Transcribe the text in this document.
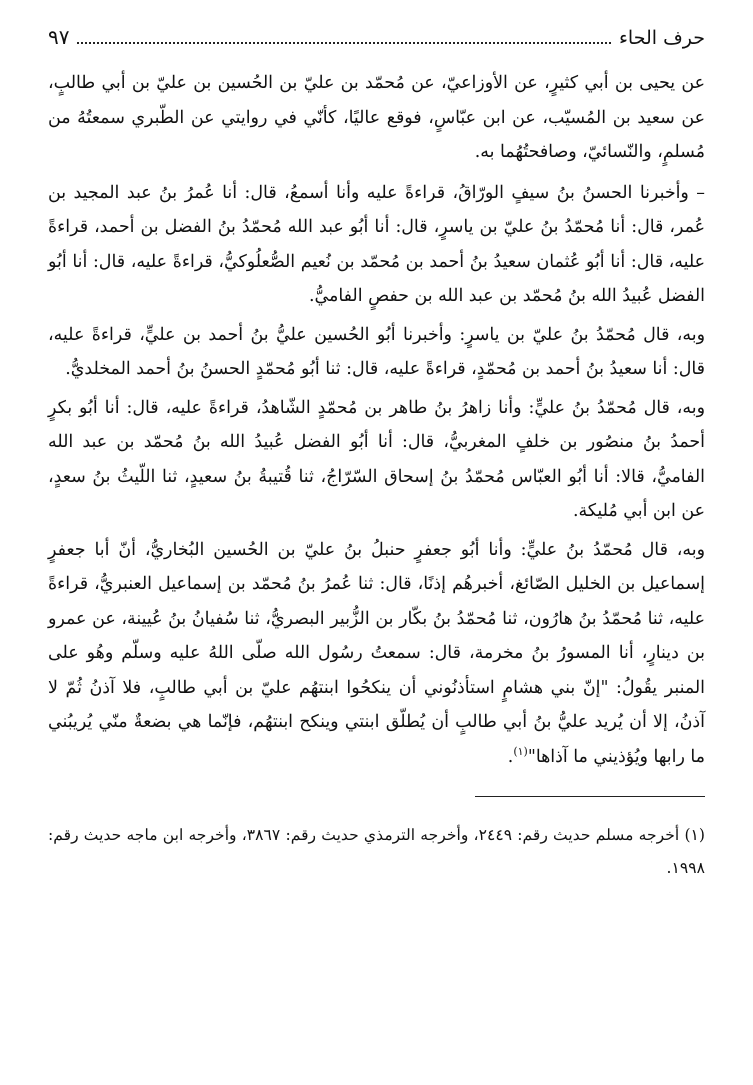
حرف الحاء
٩٧

عن يحيى بن أبي كثيرٍ، عن الأوزاعيّ، عن مُحمّد بن عليّ بن الحُسين بن عليّ بن أبي طالبٍ، عن سعيد بن المُسيّب، عن ابن عبّاسٍ، فوقع عاليًا، كأنّي في روايتي عن الطّبري سمعتُهُ من مُسلمٍ، والنّسائيّ، وصافحتُهُما به.

– وأخبرنا الحسنُ بنُ سيفٍ الورّاقُ، قراءةً عليه وأنا أسمعُ، قال: أنا عُمرُ بنُ عبد المجيد بن عُمر، قال: أنا مُحمّدُ بنُ عليّ بن ياسرٍ، قال: أنا أبُو عبد الله مُحمّدُ بنُ الفضل بن أحمد، قراءةً عليه، قال: أنا أبُو عُثمان سعيدُ بنُ أحمد بن مُحمّد بن نُعيم الصُّعلُوكيُّ، قراءةً عليه، قال: أنا أبُو الفضل عُبيدُ الله بنُ مُحمّد بن عبد الله بن حفصٍ الفاميُّ.

وبه، قال مُحمّدُ بنُ عليّ بن ياسرٍ: وأخبرنا أبُو الحُسين عليُّ بنُ أحمد بن عليٍّ، قراءةً عليه، قال: أنا سعيدُ بنُ أحمد بن مُحمّدٍ، قراءةً عليه، قال: ثنا أبُو مُحمّدٍ الحسنُ بنُ أحمد المخلديُّ.

وبه، قال مُحمّدُ بنُ عليٍّ: وأنا زاهرُ بنُ طاهر بن مُحمّدٍ الشّاهدُ، قراءةً عليه، قال: أنا أبُو بكرٍ أحمدُ بنُ منصُور بن خلفٍ المغربيُّ، قال: أنا أبُو الفضل عُبيدُ الله بنُ مُحمّد بن عبد الله الفاميُّ، قالا: أنا أبُو العبّاس مُحمّدُ بنُ إسحاق السّرّاجُ، ثنا قُتيبةُ بنُ سعيدٍ، ثنا اللّيثُ بنُ سعدٍ، عن ابن أبي مُليكة.

وبه، قال مُحمّدُ بنُ عليٍّ: وأنا أبُو جعفرٍ حنبلُ بنُ عليّ بن الحُسين البُخاريُّ، أنّ أبا جعفرٍ إسماعيل بن الخليل الصّائغ، أخبرهُم إذنًا، قال: ثنا عُمرُ بنُ مُحمّد بن إسماعيل العنبريُّ، قراءةً عليه، ثنا مُحمّدُ بنُ هارُون، ثنا مُحمّدُ بنُ بكّار بن الزُّبير البصريُّ، ثنا سُفيانُ بنُ عُيينة، عن عمرو بن دينارٍ، أنا المسورُ بنُ مخرمة، قال: سمعتُ رسُول الله صلّى اللهُ عليه وسلّم وهُو على المنبر يقُولُ: "إنّ بني هشامٍ استأذنُوني أن ينكحُوا ابنتهُم عليّ بن أبي طالبٍ، فلا آذنُ ثُمّ لا آذنُ، إلا أن يُريد عليُّ بنُ أبي طالبٍ أن يُطلّق ابنتي وينكح ابنتهُم، فإنّما هي بضعةٌ منّي يُريبُني ما رابها ويُؤذيني ما آذاها"$^{(١)}$.

(١) أخرجه مسلم حديث رقم: ٢٤٤٩، وأخرجه الترمذي حديث رقم: ٣٨٦٧، وأخرجه ابن ماجه حديث رقم: ١٩٩٨.
